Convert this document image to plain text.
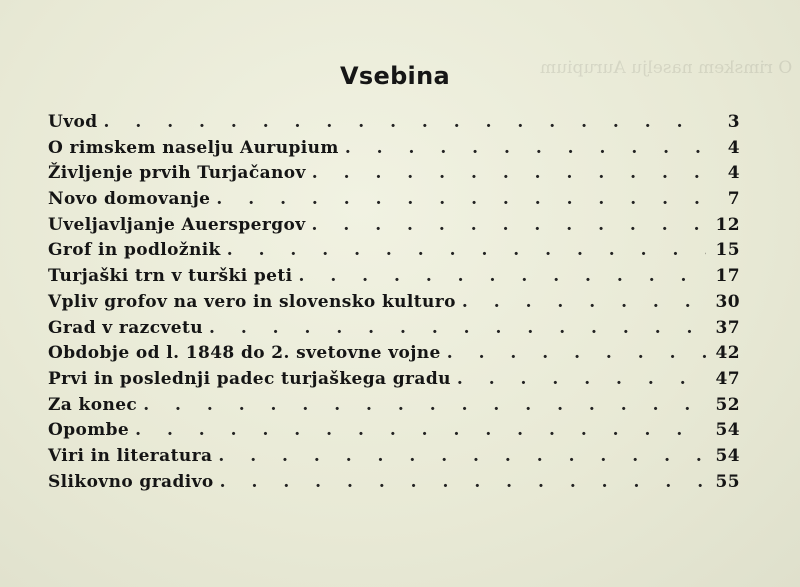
O rimskem naselju Aurupium
Vsebina
Uvod . . .	3
O rimskem naselju Aurupium . . .	4
Življenje prvih Turjačanov . . .	4
Novo domovanje . . .	7
Uveljavljanje Auerspergov . . .	12
Grof in podložnik . . .	15
Turjaški trn v turški peti . . .	17
Vpliv grofov na vero in slovensko kulturo . . .	30
Grad v razcvetu . . .	37
Obdobje od l. 1848 do 2. svetovne vojne . . .	42
Prvi in poslednji padec turjaškega gradu . . .	47
Za konec . . .	52
Opombe . . .	54
Viri in literatura . . .	54
Slikovno gradivo . . .	55
